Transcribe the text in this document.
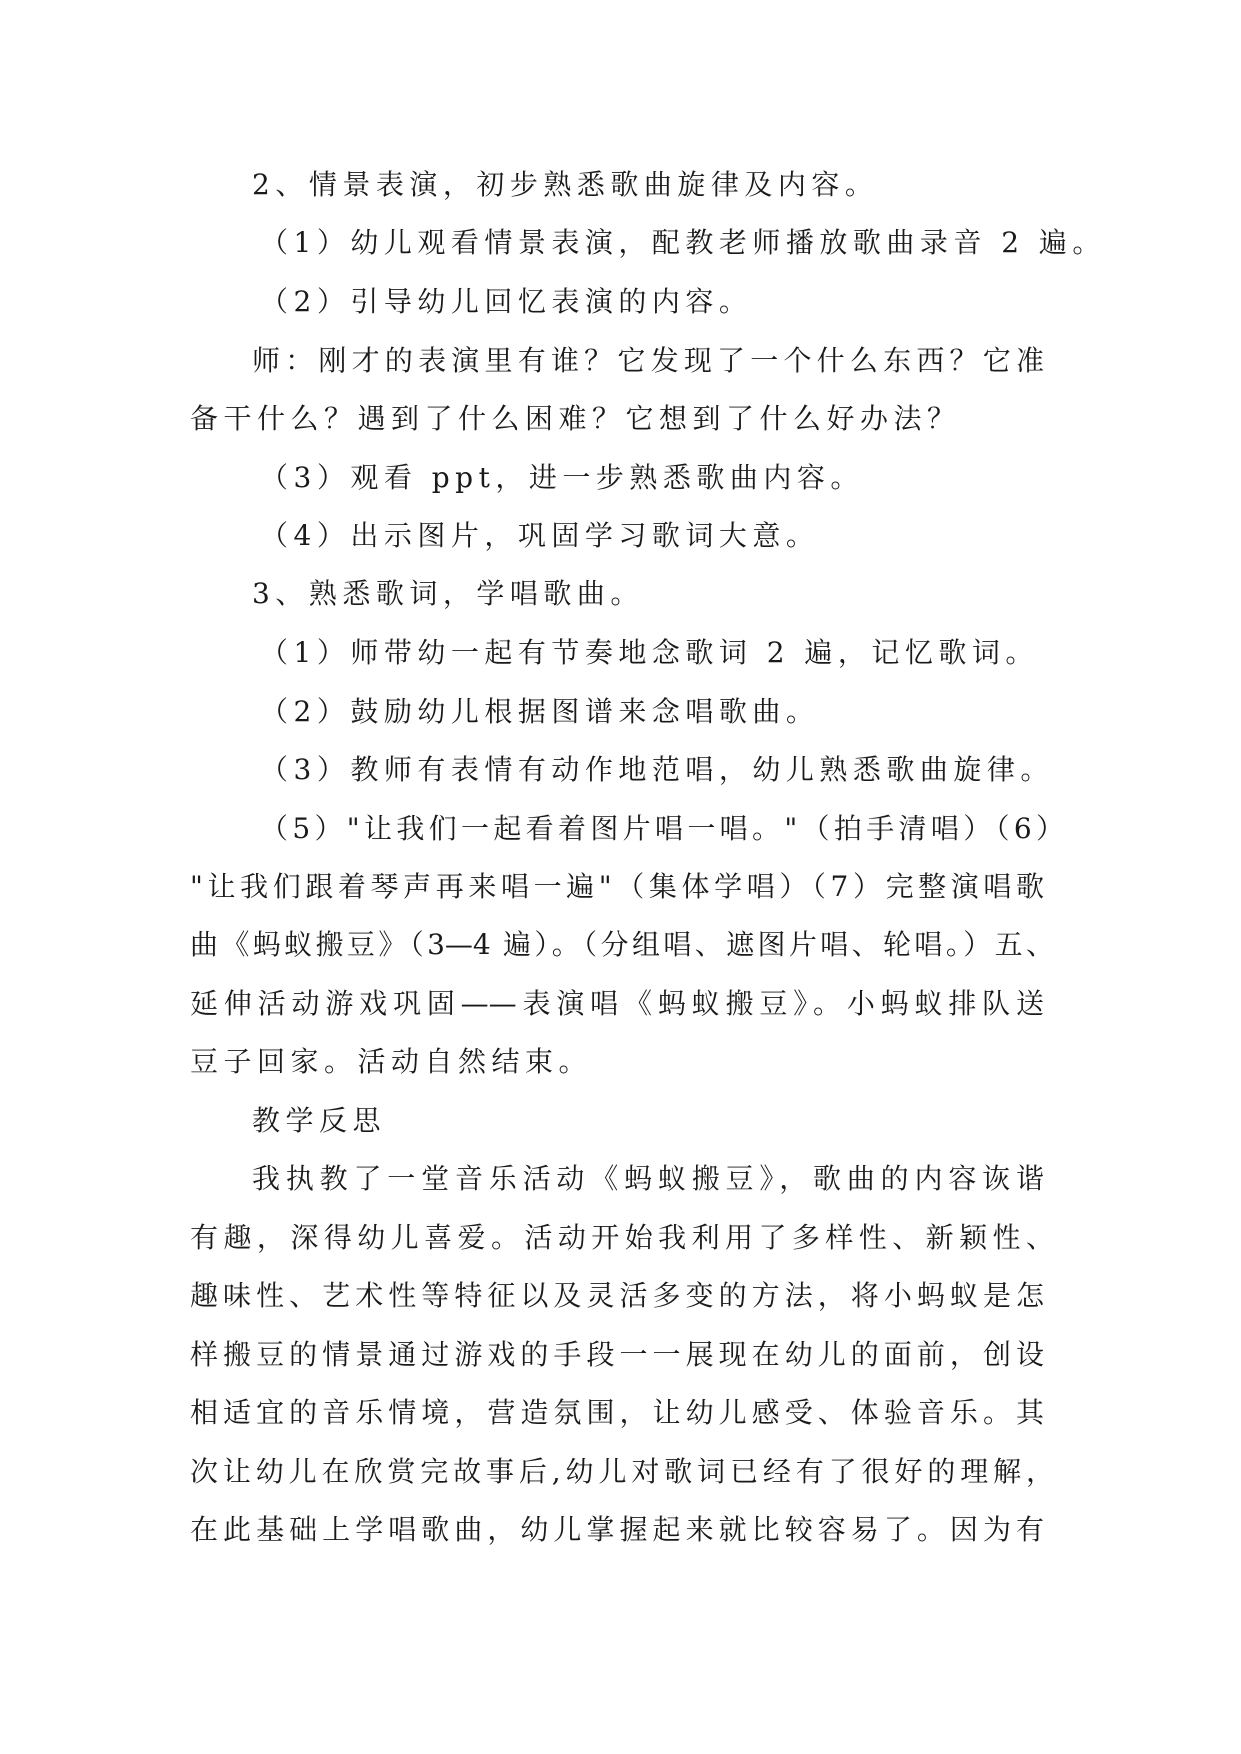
2、情景表演，初步熟悉歌曲旋律及内容。

（1）幼儿观看情景表演，配教老师播放歌曲录音 2 遍。

（2）引导幼儿回忆表演的内容。

师：刚才的表演里有谁？它发现了一个什么东西？它准

备干什么？遇到了什么困难？它想到了什么好办法？

（3）观看 ppt，进一步熟悉歌曲内容。

（4）出示图片，巩固学习歌词大意。

3、熟悉歌词，学唱歌曲。

（1）师带幼一起有节奏地念歌词 2 遍，记忆歌词。

（2）鼓励幼儿根据图谱来念唱歌曲。

（3）教师有表情有动作地范唱，幼儿熟悉歌曲旋律。

（5）"让我们一起看着图片唱一唱。"（拍手清唱）（6）

"让我们跟着琴声再来唱一遍"（集体学唱）（7）完整演唱歌

曲《蚂蚁搬豆》（3—4 遍）。（分组唱、遮图片唱、轮唱。）五、

延伸活动游戏巩固——表演唱《蚂蚁搬豆》。小蚂蚁排队送

豆子回家。活动自然结束。

教学反思

我执教了一堂音乐活动《蚂蚁搬豆》，歌曲的内容诙谐

有趣，深得幼儿喜爱。活动开始我利用了多样性、新颖性、

趣味性、艺术性等特征以及灵活多变的方法，将小蚂蚁是怎

样搬豆的情景通过游戏的手段一一展现在幼儿的面前，创设

相适宜的音乐情境，营造氛围，让幼儿感受、体验音乐。其

次让幼儿在欣赏完故事后,幼儿对歌词已经有了很好的理解，

在此基础上学唱歌曲，幼儿掌握起来就比较容易了。因为有
